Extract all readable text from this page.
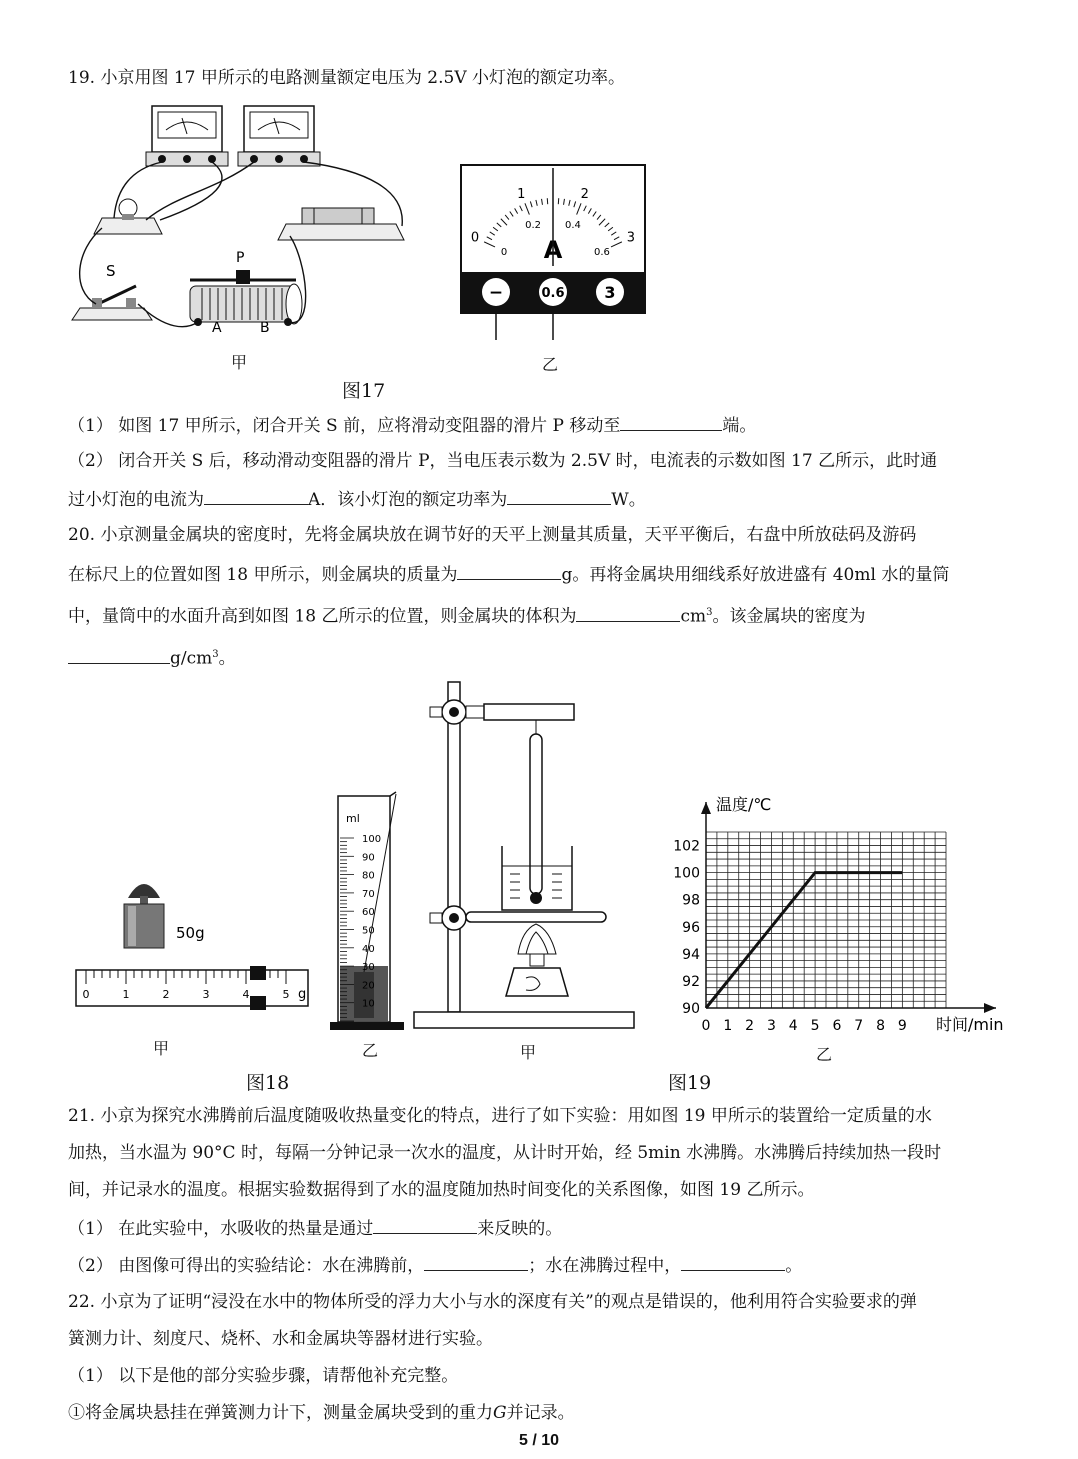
19. 小京用图 17 甲所示的电路测量额定电压为 2.5V 小灯泡的额定功率。
S
P
A	B
甲
0
1	2
3
0
0.2 0.4
0.6
A
−	0.6 3
乙
图17
（1） 如图 17 甲所示，闭合开关 S 前，应将滑动变阻器的滑片 P 移动至	端。
（2） 闭合开关 S 后，移动滑动变阻器的滑片 P，当电压表示数为 2.5V 时，电流表的示数如图 17 乙所示，此时通
过小灯泡的电流为	A．该小灯泡的额定功率为	W。
20. 小京测量金属块的密度时，先将金属块放在调节好的天平上测量其质量，天平平衡后，右盘中所放砝码及游码
在标尺上的位置如图 18 甲所示，则金属块的质量为	g。再将金属块用细线系好放进盛有 40ml 水的量筒
中，量筒中的水面升高到如图 18 乙所示的位置，则金属块的体积为	$cm^3$。该金属块的密度为
$g/cm^3$。
50g
0	1	2	3	4	5 g
甲
ml
100
90
80
70
60
50
40
30
20
10
乙
图18
甲
0 1 2 3 4 5 6 7 8 9
90
92
94
96
98
100
102
温度/℃
时间/min
乙
图19
21. 小京为探究水沸腾前后温度随吸收热量变化的特点，进行了如下实验：用如图 19 甲所示的装置给一定质量的水
加热，当水温为 90°C 时，每隔一分钟记录一次水的温度，从计时开始，经 5min 水沸腾。水沸腾后持续加热一段时
间，并记录水的温度。根据实验数据得到了水的温度随加热时间变化的关系图像，如图 19 乙所示。
（1） 在此实验中，水吸收的热量是通过	来反映的。
（2） 由图像可得出的实验结论：水在沸腾前，	；水在沸腾过程中，	。
22. 小京为了证明“浸没在水中的物体所受的浮力大小与水的深度有关”的观点是错误的，他利用符合实验要求的弹
簧测力计、刻度尺、烧杯、水和金属块等器材进行实验。
（1） 以下是他的部分实验步骤，请帮他补充完整。
①将金属块悬挂在弹簧测力计下，测量金属块受到的重力G并记录。
5 / 10
